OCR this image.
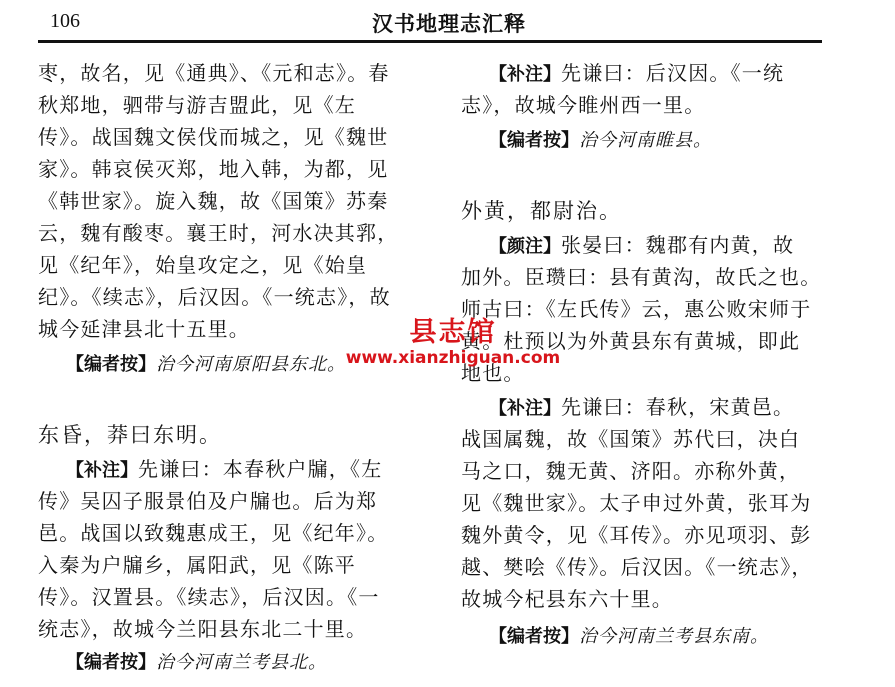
106	汉书地理志汇释
枣，故名，见《通典》、《元和志》。春
秋郑地，驷带与游吉盟此，见《左
传》。战国魏文侯伐而城之，见《魏世
家》。韩哀侯灭郑，地入韩，为都，见
《韩世家》。旋入魏，故《国策》苏秦
云，魏有酸枣。襄王时，河水决其郛，
见《纪年》，始皇攻定之，见《始皇
纪》。《续志》，后汉因。《一统志》，故
城今延津县北十五里。
【编者按】治今河南原阳县东北。
东昏，莽曰东明。
【补注】先谦曰：本春秋户牖，《左
传》吴囚子服景伯及户牖也。后为郑
邑。战国以致魏惠成王，见《纪年》。
入秦为户牖乡，属阳武，见《陈平
传》。汉置县。《续志》，后汉因。《一
统志》，故城今兰阳县东北二十里。
【编者按】治今河南兰考县北。
【补注】先谦曰：后汉因。《一统
志》，故城今睢州西一里。
【编者按】治今河南睢县。
外黄，都尉治。
【颜注】张晏曰：魏郡有内黄，故
加外。臣瓒曰：县有黄沟，故氏之也。
师古曰：《左氏传》云，惠公败宋师于
黄。杜预以为外黄县东有黄城，即此
地也。
【补注】先谦曰：春秋，宋黄邑。
战国属魏，故《国策》苏代曰，决白
马之口，魏无黄、济阳。亦称外黄，
见《魏世家》。太子申过外黄，张耳为
魏外黄令，见《耳传》。亦见项羽、彭
越、樊哙《传》。后汉因。《一统志》，
故城今杞县东六十里。
【编者按】治今河南兰考县东南。
县志馆
www.xianzhiguan.com
